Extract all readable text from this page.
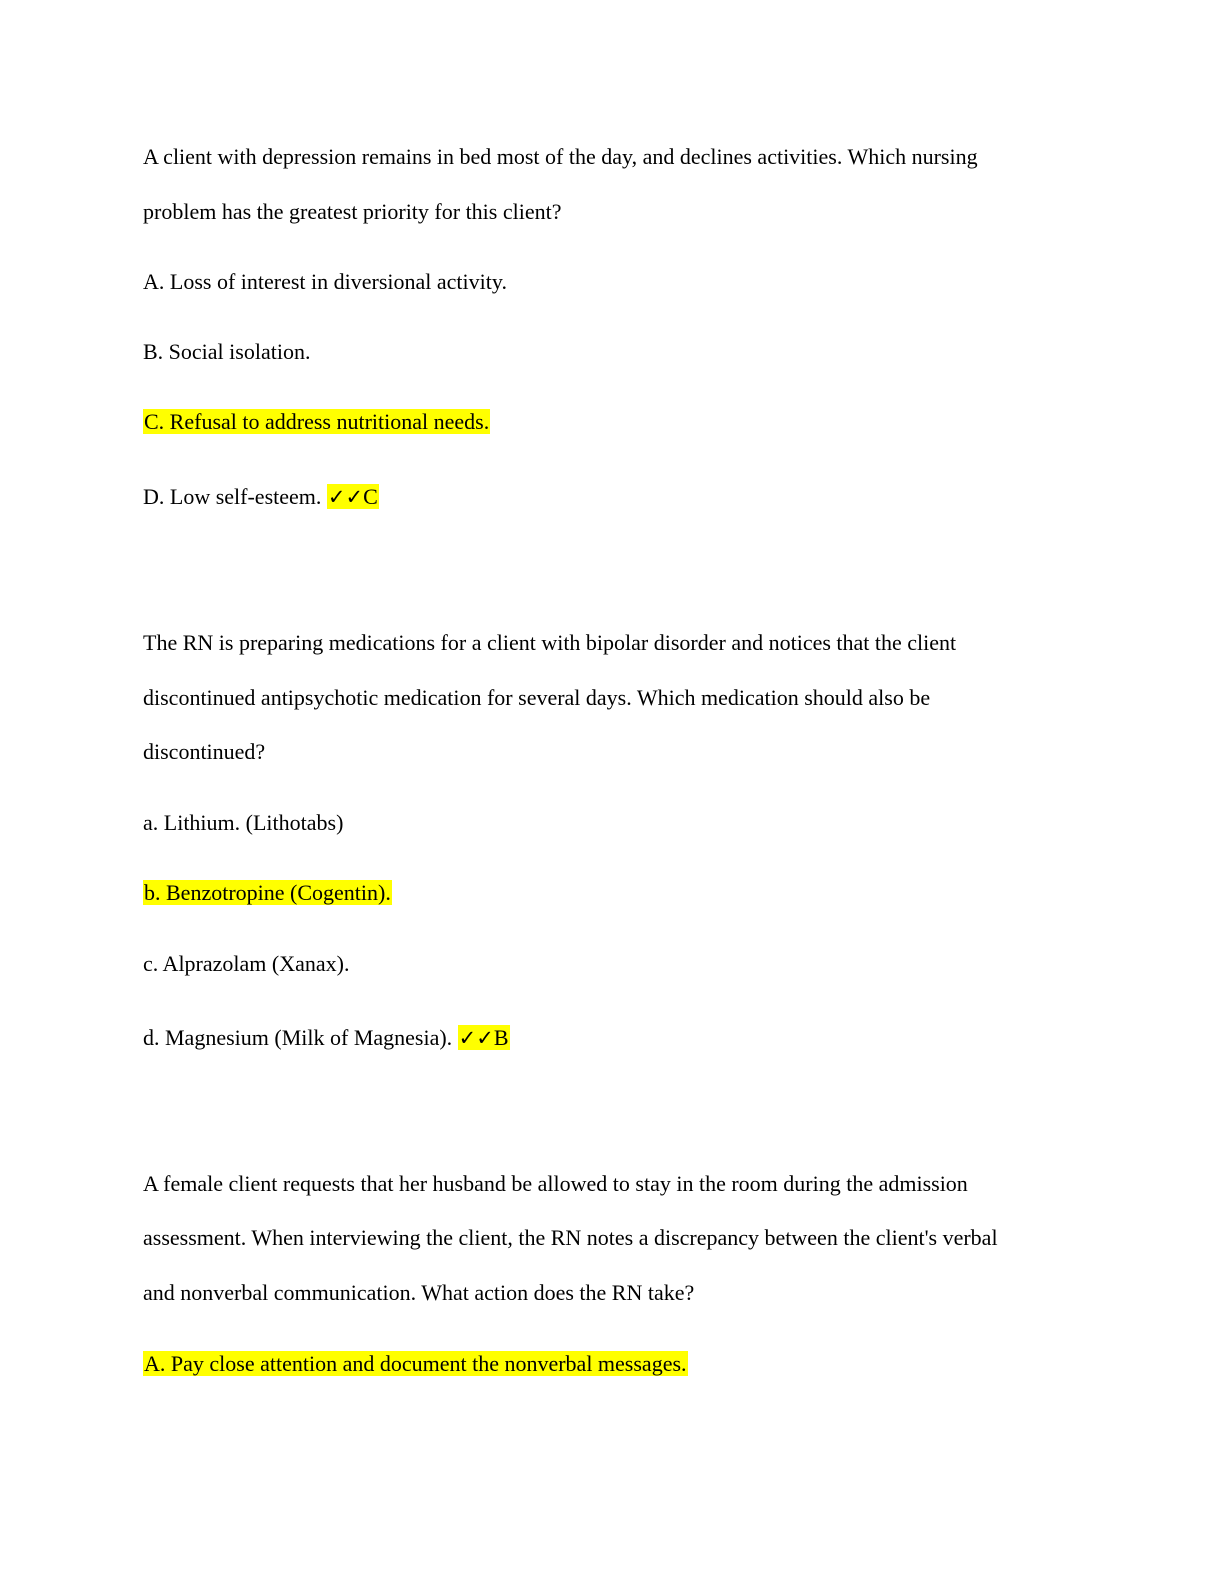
A client with depression remains in bed most of the day, and declines activities. Which nursing
problem has the greatest priority for this client?
A. Loss of interest in diversional activity.
B. Social isolation.
C. Refusal to address nutritional needs.
D. Low self-esteem. ✓✓C
The RN is preparing medications for a client with bipolar disorder and notices that the client
discontinued antipsychotic medication for several days. Which medication should also be
discontinued?
a. Lithium. (Lithotabs)
b. Benzotropine (Cogentin).
c. Alprazolam (Xanax).
d. Magnesium (Milk of Magnesia). ✓✓B
A female client requests that her husband be allowed to stay in the room during the admission
assessment. When interviewing the client, the RN notes a discrepancy between the client's verbal
and nonverbal communication. What action does the RN take?
A. Pay close attention and document the nonverbal messages.
